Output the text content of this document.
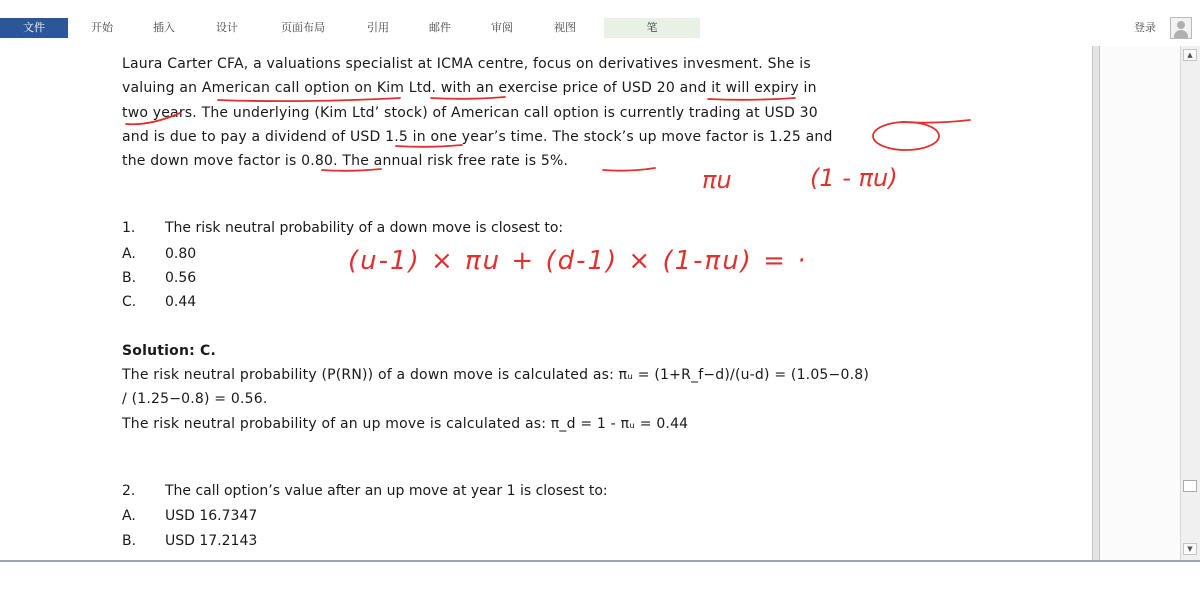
文件	开始	插入	设计	页面布局	引用	邮件	审阅	视图	笔	登录
Laura Carter CFA, a valuations specialist at ICMA centre, focus on derivatives invesment. She is
valuing an American call option on Kim Ltd. with an exercise price of USD 20 and it will expiry in
two years. The underlying (Kim Ltd’ stock) of American call option is currently trading at USD 30
and is due to pay a dividend of USD 1.5 in one year’s time. The stock’s up move factor is 1.25 and
the down move factor is 0.80. The annual risk free rate is 5%.
1. The risk neutral probability of a down move is closest to:
A. 0.80
B. 0.56
C. 0.44
Solution: C.
The risk neutral probability (P(RN)) of a down move is calculated as: πᵤ = (1+R_f−d)/(u-d) = (1.05−0.8)
/ (1.25−0.8) = 0.56.
The risk neutral probability of an up move is calculated as: π_d = 1 - πᵤ = 0.44
2. The call option’s value after an up move at year 1 is closest to:
A. USD 16.7347
B. USD 17.2143
πu	(1 - πu)
(u-1) × πu + (d-1) × (1-πu) = ·
▲
▼
